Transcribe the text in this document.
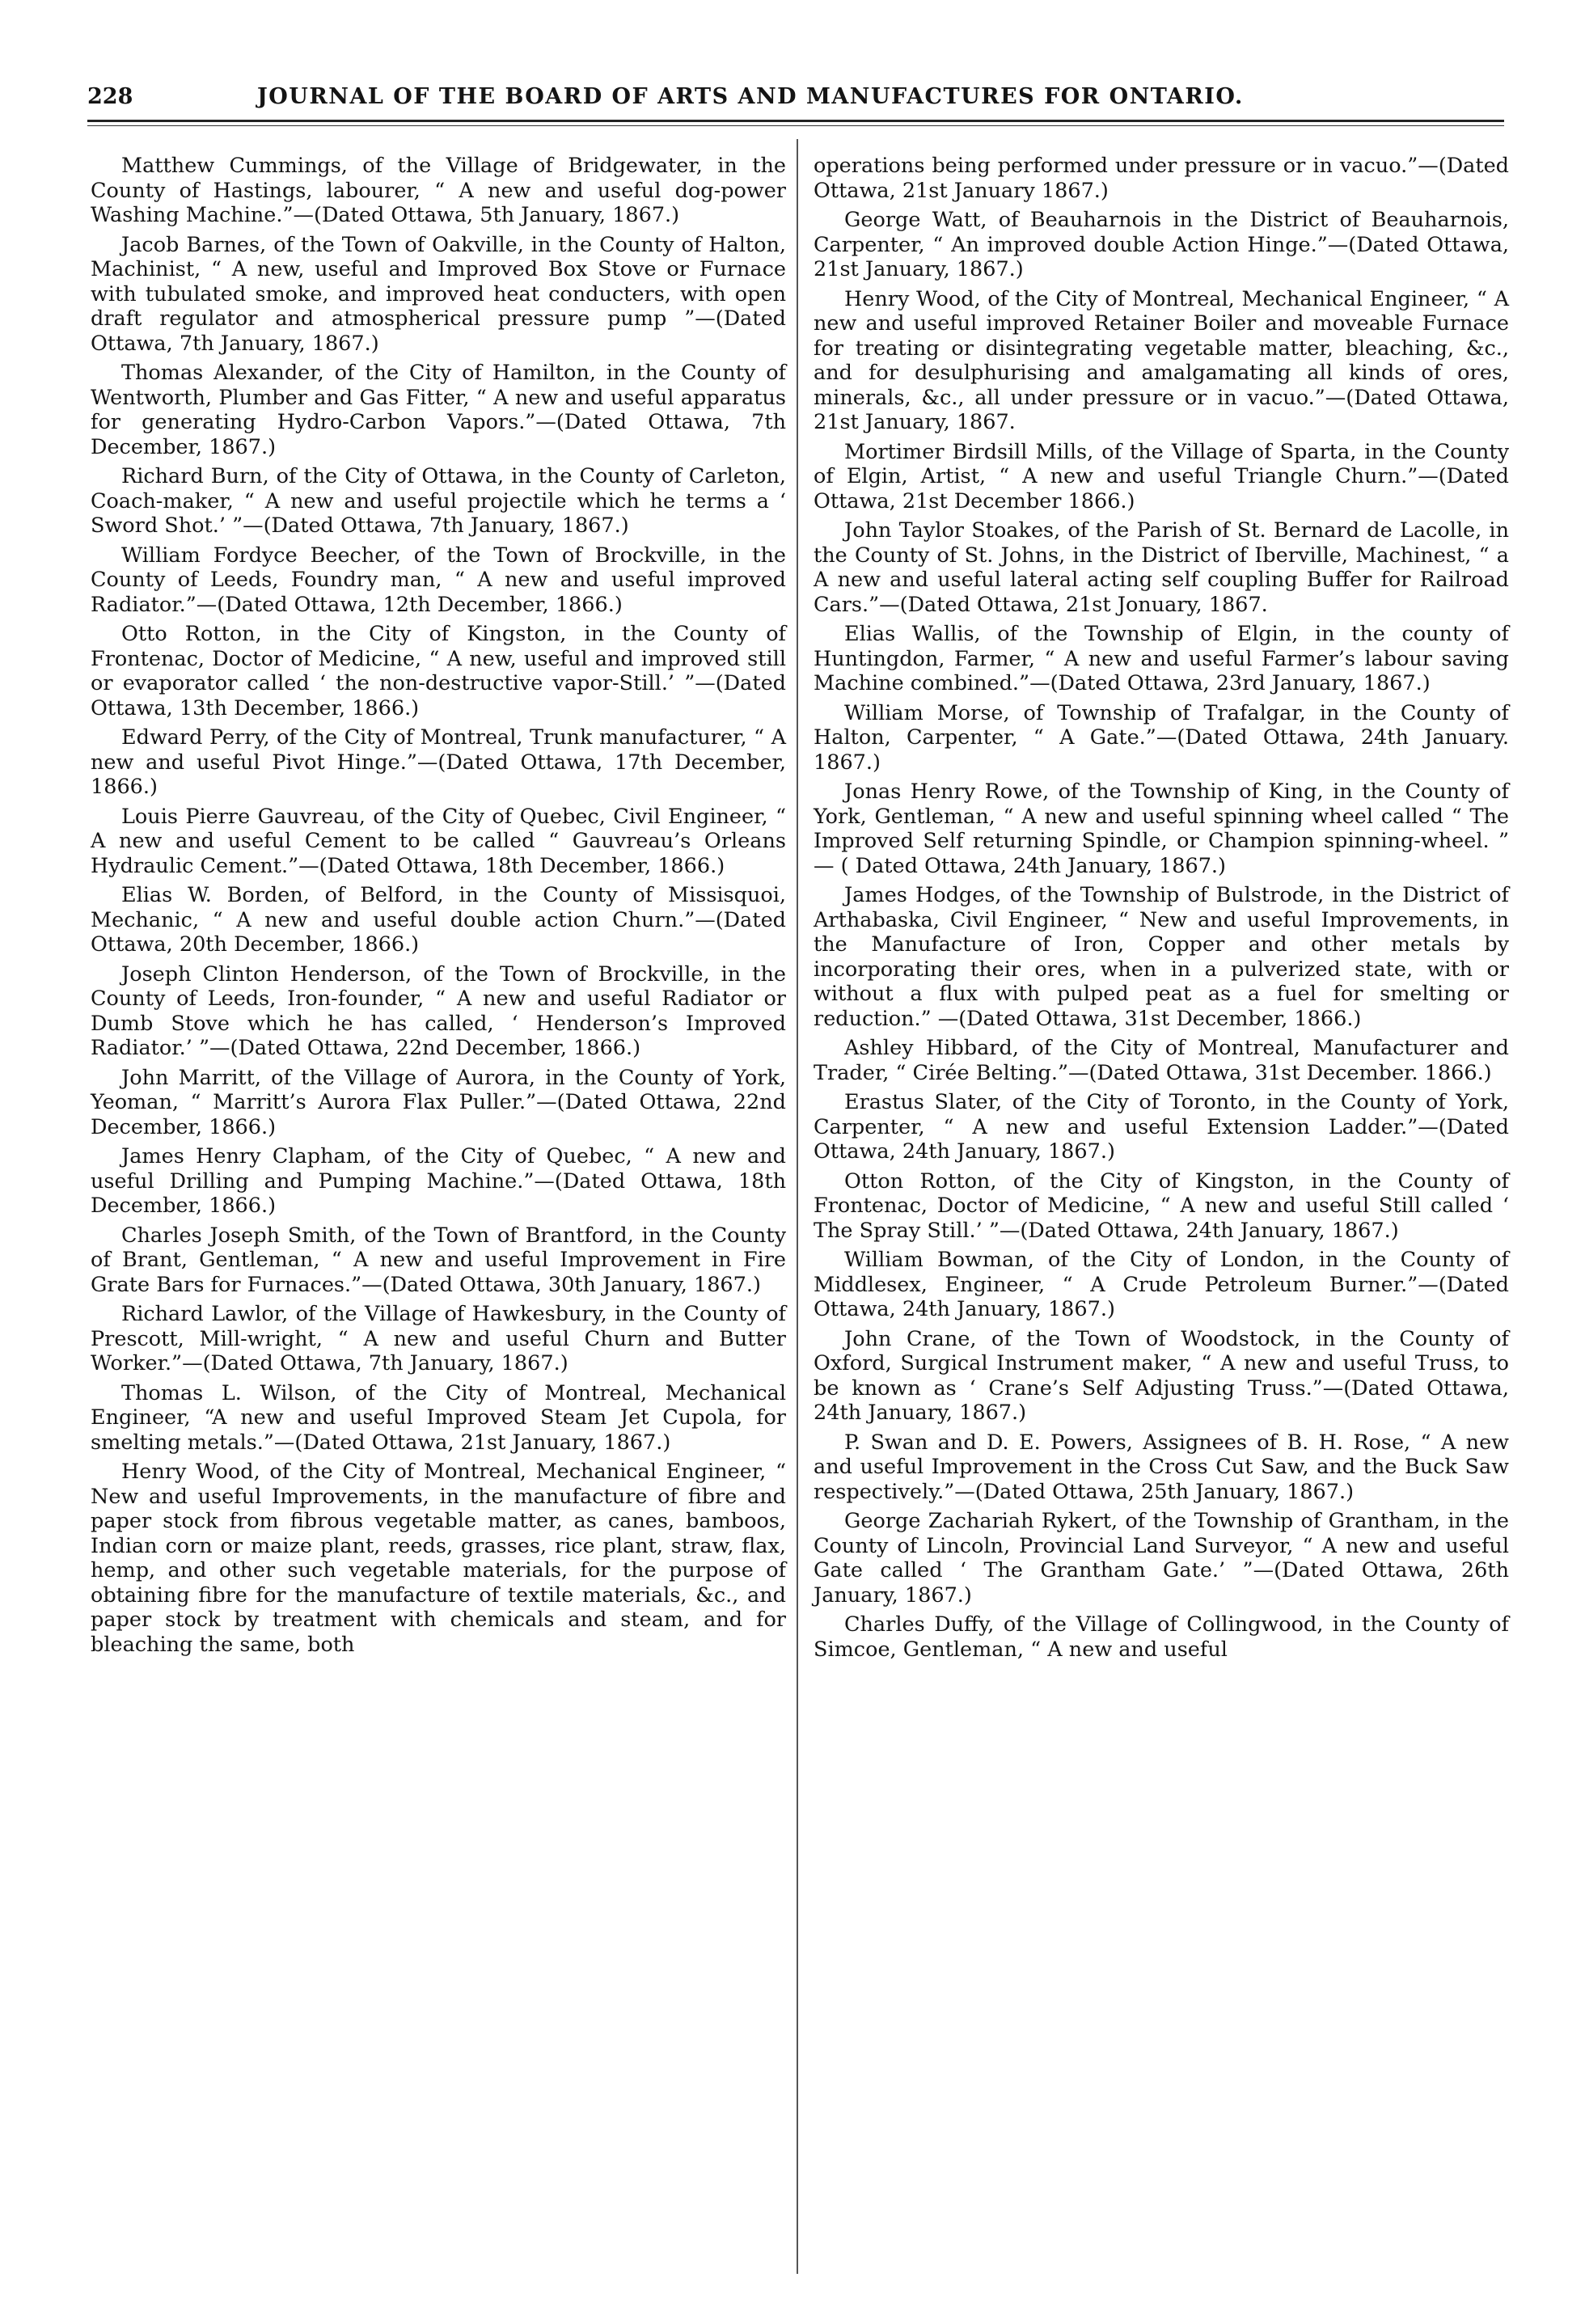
228	JOURNAL OF THE BOARD OF ARTS AND MANUFACTURES FOR ONTARIO.

Matthew Cummings, of the Village of Bridgewater, in the County of Hastings, labourer, “ A new and useful dog-power Washing Machine.”—(Dated Ottawa, 5th January, 1867.)

Jacob Barnes, of the Town of Oakville, in the County of Halton, Machinist, “ A new, useful and Improved Box Stove or Furnace with tubulated smoke, and improved heat conducters, with open draft regulator and atmospherical pressure pump ”—(Dated Ottawa, 7th January, 1867.)

Thomas Alexander, of the City of Hamilton, in the County of Wentworth, Plumber and Gas Fitter, “ A new and useful apparatus for generating Hydro-Carbon Vapors.”—(Dated Ottawa, 7th December, 1867.)

Richard Burn, of the City of Ottawa, in the County of Carleton, Coach-maker, “ A new and useful projectile which he terms a ‘ Sword Shot.’ ”—(Dated Ottawa, 7th January, 1867.)

William Fordyce Beecher, of the Town of Brockville, in the County of Leeds, Foundry man, “ A new and useful improved Radiator.”—(Dated Ottawa, 12th December, 1866.)

Otto Rotton, in the City of Kingston, in the County of Frontenac, Doctor of Medicine, “ A new, useful and improved still or evaporator called ‘ the non-destructive vapor-Still.’ ”—(Dated Ottawa, 13th December, 1866.)

Edward Perry, of the City of Montreal, Trunk manufacturer, “ A new and useful Pivot Hinge.”—(Dated Ottawa, 17th December, 1866.)

Louis Pierre Gauvreau, of the City of Quebec, Civil Engineer, “ A new and useful Cement to be called “ Gauvreau’s Orleans Hydraulic Cement.”—(Dated Ottawa, 18th December, 1866.)

Elias W. Borden, of Belford, in the County of Missisquoi, Mechanic, “ A new and useful double action Churn.”—(Dated Ottawa, 20th December, 1866.)

Joseph Clinton Henderson, of the Town of Brockville, in the County of Leeds, Iron-founder, “ A new and useful Radiator or Dumb Stove which he has called, ‘ Henderson’s Improved Radiator.’ ”—(Dated Ottawa, 22nd December, 1866.)

John Marritt, of the Village of Aurora, in the County of York, Yeoman, “ Marritt’s Aurora Flax Puller.”—(Dated Ottawa, 22nd December, 1866.)

James Henry Clapham, of the City of Quebec, “ A new and useful Drilling and Pumping Machine.”—(Dated Ottawa, 18th December, 1866.)

Charles Joseph Smith, of the Town of Brantford, in the County of Brant, Gentleman, “ A new and useful Improvement in Fire Grate Bars for Furnaces.”—(Dated Ottawa, 30th January, 1867.)

Richard Lawlor, of the Village of Hawkesbury, in the County of Prescott, Mill-wright, “ A new and useful Churn and Butter Worker.”—(Dated Ottawa, 7th January, 1867.)

Thomas L. Wilson, of the City of Montreal, Mechanical Engineer, “A new and useful Improved Steam Jet Cupola, for smelting metals.”—(Dated Ottawa, 21st January, 1867.)

Henry Wood, of the City of Montreal, Mechanical Engineer, “ New and useful Improvements, in the manufacture of fibre and paper stock from fibrous vegetable matter, as canes, bamboos, Indian corn or maize plant, reeds, grasses, rice plant, straw, flax, hemp, and other such vegetable materials, for the purpose of obtaining fibre for the manufacture of textile materials, &c., and paper stock by treatment with chemicals and steam, and for bleaching the same, both

operations being performed under pressure or in vacuo.”—(Dated Ottawa, 21st January 1867.)

George Watt, of Beauharnois in the District of Beauharnois, Carpenter, “ An improved double Action Hinge.”—(Dated Ottawa, 21st January, 1867.)

Henry Wood, of the City of Montreal, Mechanical Engineer, “ A new and useful improved Retainer Boiler and moveable Furnace for treating or disintegrating vegetable matter, bleaching, &c., and for desulphurising and amalgamating all kinds of ores, minerals, &c., all under pressure or in vacuo.”—(Dated Ottawa, 21st January, 1867.

Mortimer Birdsill Mills, of the Village of Sparta, in the County of Elgin, Artist, “ A new and useful Triangle Churn.”—(Dated Ottawa, 21st December 1866.)

John Taylor Stoakes, of the Parish of St. Bernard de Lacolle, in the County of St. Johns, in the District of Iberville, Machinest, “ a A new and useful lateral acting self coupling Buffer for Railroad Cars.”—(Dated Ottawa, 21st Jonuary, 1867.

Elias Wallis, of the Township of Elgin, in the county of Huntingdon, Farmer, “ A new and useful Farmer’s labour saving Machine combined.”—(Dated Ottawa, 23rd January, 1867.)

William Morse, of Township of Trafalgar, in the County of Halton, Carpenter, “ A Gate.”—(Dated Ottawa, 24th January. 1867.)

Jonas Henry Rowe, of the Township of King, in the County of York, Gentleman, “ A new and useful spinning wheel called “ The Improved Self returning Spindle, or Champion spinning-wheel. ” — ( Dated Ottawa, 24th January, 1867.)

James Hodges, of the Township of Bulstrode, in the District of Arthabaska, Civil Engineer, “ New and useful Improvements, in the Manufacture of Iron, Copper and other metals by incorporating their ores, when in a pulverized state, with or without a flux with pulped peat as a fuel for smelting or reduction.” —(Dated Ottawa, 31st December, 1866.)

Ashley Hibbard, of the City of Montreal, Manufacturer and Trader, “ Cirée Belting.”—(Dated Ottawa, 31st December. 1866.)

Erastus Slater, of the City of Toronto, in the County of York, Carpenter, “ A new and useful Extension Ladder.”—(Dated Ottawa, 24th January, 1867.)

Otton Rotton, of the City of Kingston, in the County of Frontenac, Doctor of Medicine, “ A new and useful Still called ‘ The Spray Still.’ ”—(Dated Ottawa, 24th January, 1867.)

William Bowman, of the City of London, in the County of Middlesex, Engineer, “ A Crude Petroleum Burner.”—(Dated Ottawa, 24th January, 1867.)

John Crane, of the Town of Woodstock, in the County of Oxford, Surgical Instrument maker, “ A new and useful Truss, to be known as ‘ Crane’s Self Adjusting Truss.”—(Dated Ottawa, 24th January, 1867.)

P. Swan and D. E. Powers, Assignees of B. H. Rose, “ A new and useful Improvement in the Cross Cut Saw, and the Buck Saw respectively.”—(Dated Ottawa, 25th January, 1867.)

George Zachariah Rykert, of the Township of Grantham, in the County of Lincoln, Provincial Land Surveyor, “ A new and useful Gate called ‘ The Grantham Gate.’ ”—(Dated Ottawa, 26th January, 1867.)

Charles Duffy, of the Village of Collingwood, in the County of Simcoe, Gentleman, “ A new and useful
